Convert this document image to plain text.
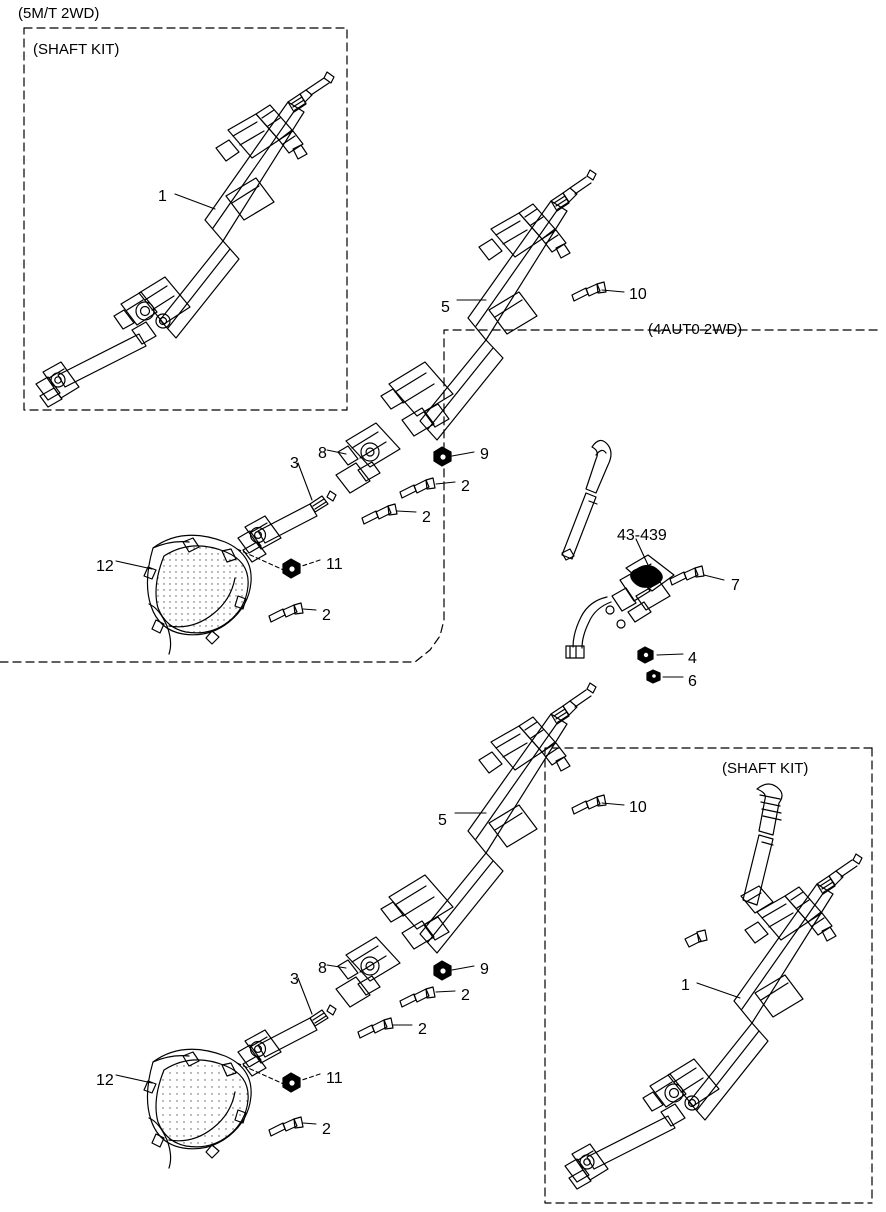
(5M/T 2WD)
(SHAFT KIT)
(4AUT0 2WD)
(SHAFT KIT)
1
5
10
3
8	9
2
2
12	11
2
43-439
7
4
6
5
10
3
8	9
2
2
12	11
2
1
